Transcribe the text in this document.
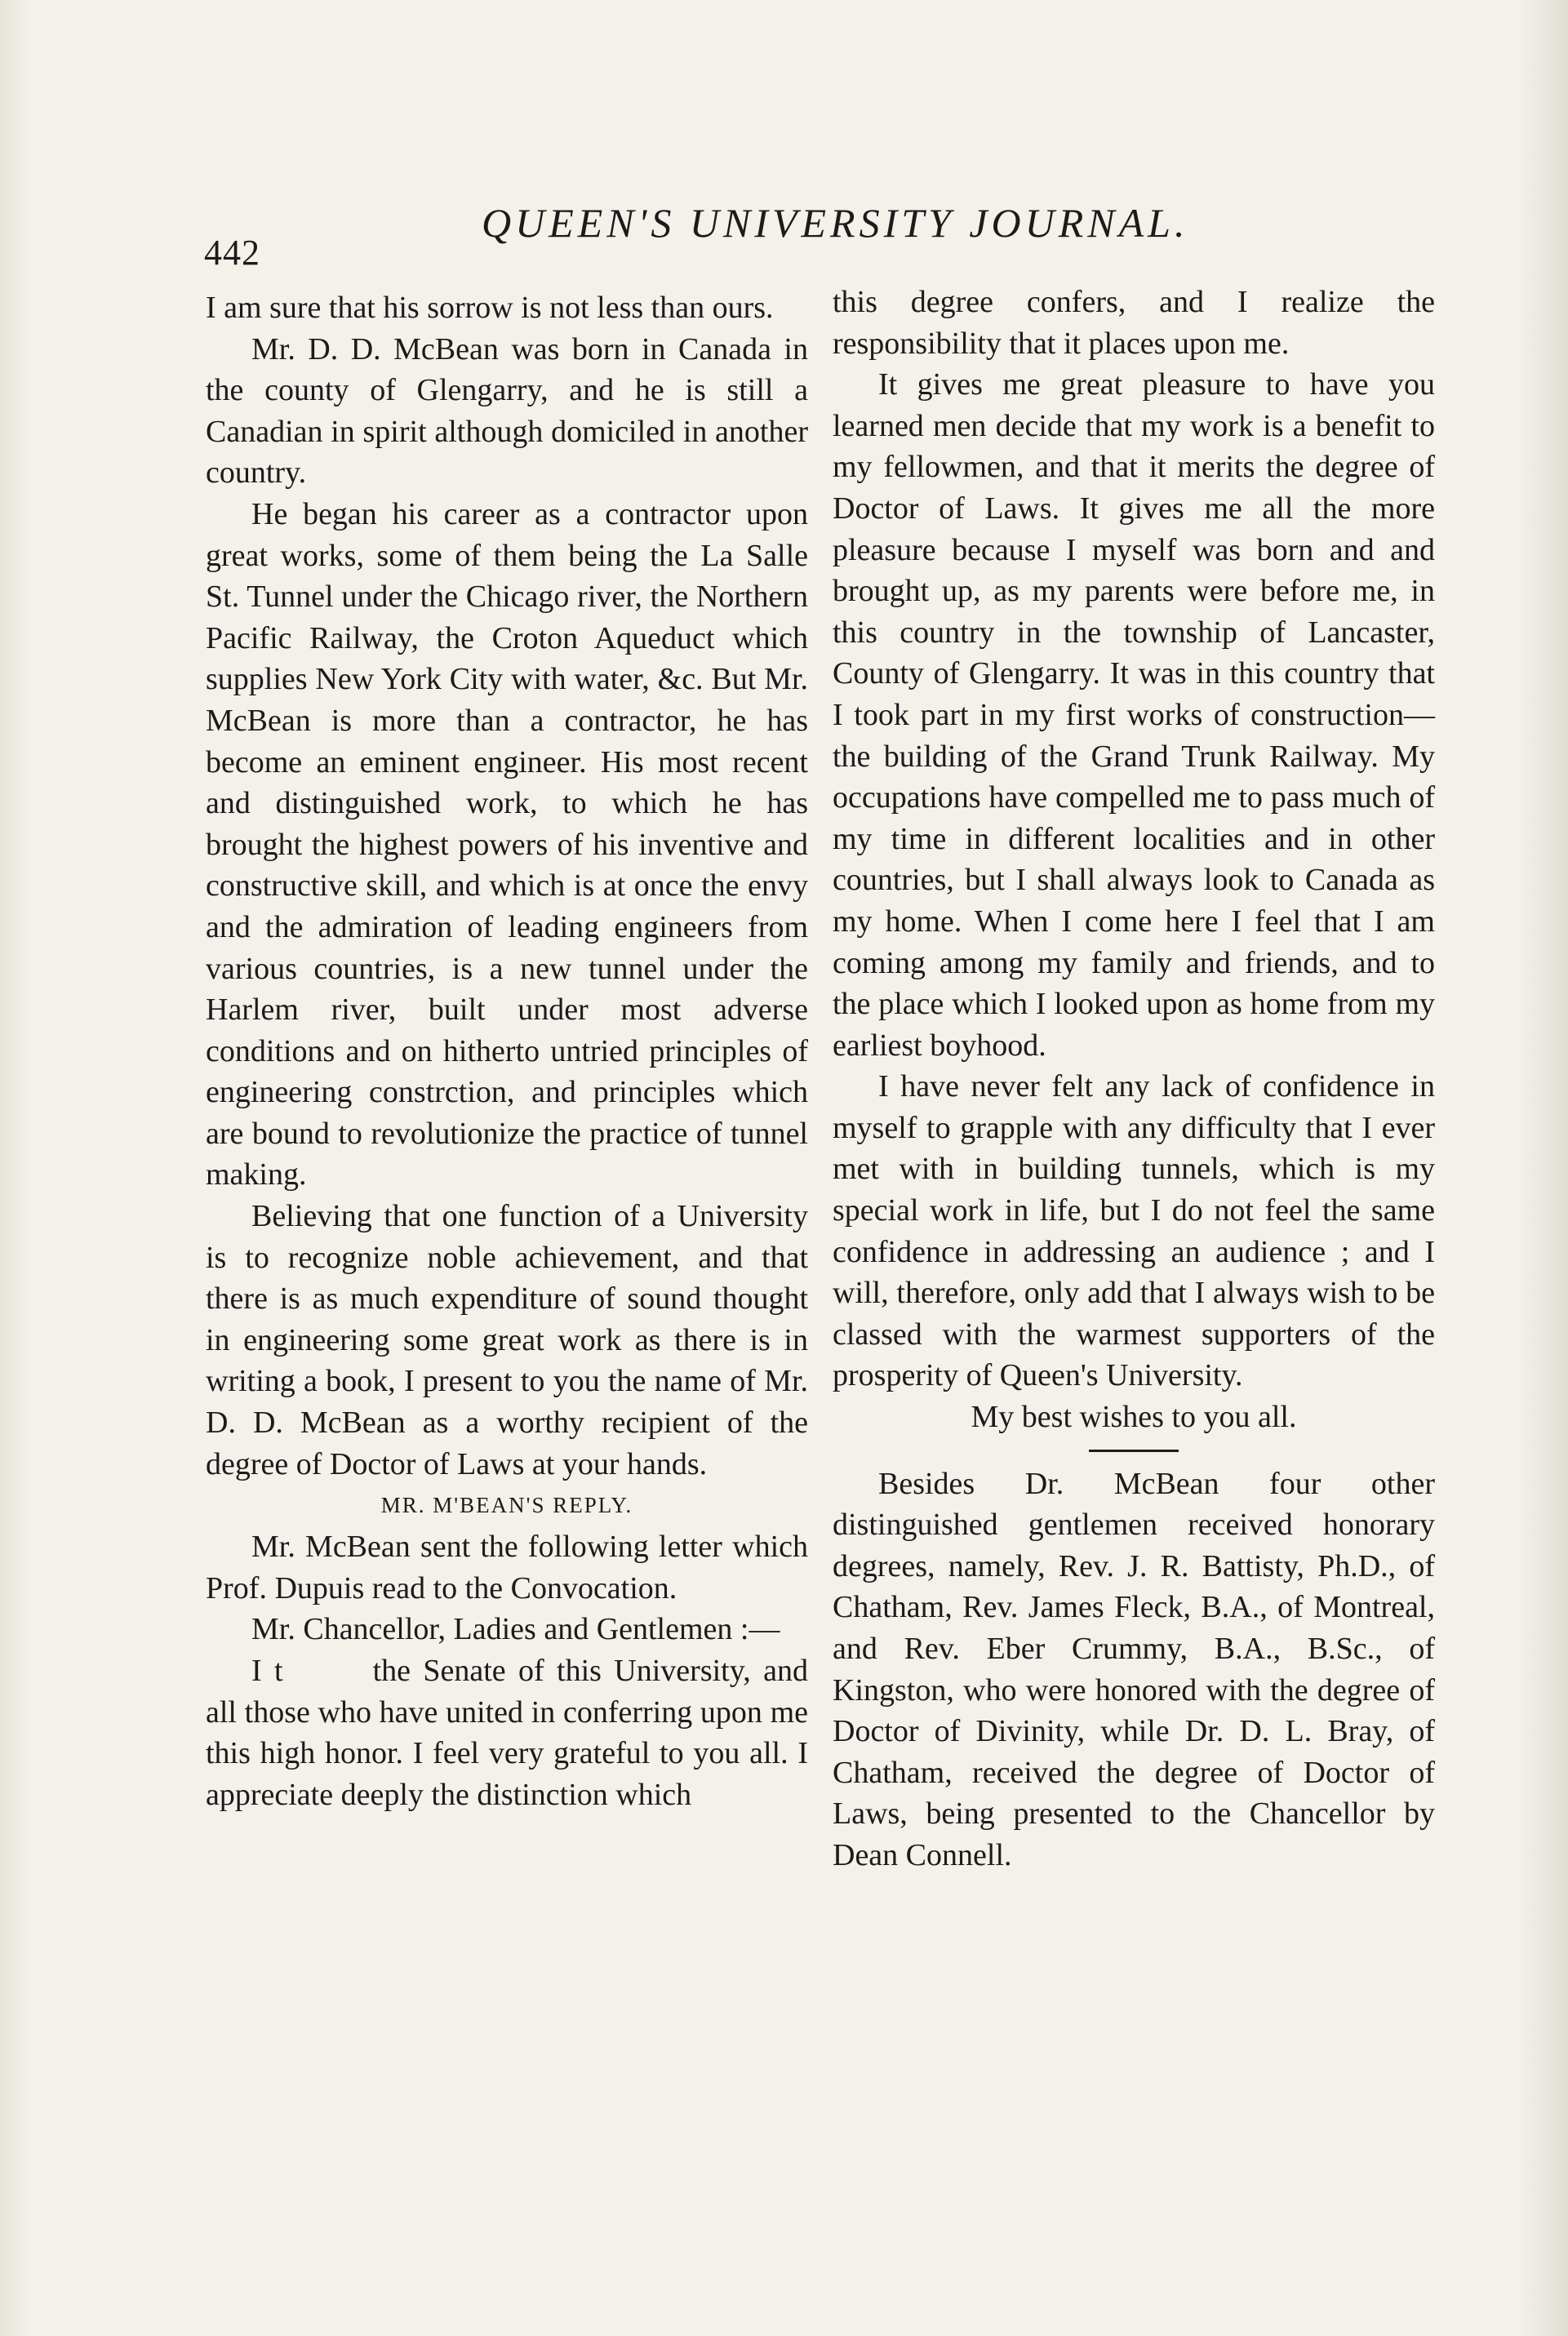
442
QUEEN'S UNIVERSITY JOURNAL.

I am sure that his sorrow is not less than ours.

Mr. D. D. McBean was born in Canada in the county of Glengarry, and he is still a Canadian in spirit although domiciled in another country.

He began his career as a contractor upon great works, some of them being the La Salle St. Tunnel under the Chicago river, the Northern Pacific Railway, the Croton Aqueduct which supplies New York City with water, &c. But Mr. McBean is more than a contractor, he has become an eminent engineer. His most recent and distinguished work, to which he has brought the highest powers of his inventive and constructive skill, and which is at once the envy and the admiration of leading engineers from various countries, is a new tunnel under the Harlem river, built under most adverse conditions and on hitherto untried principles of engineering constrction, and principles which are bound to revolutionize the practice of tunnel making.

Believing that one function of a University is to recognize noble achievement, and that there is as much expenditure of sound thought in engineering some great work as there is in writing a book, I present to you the name of Mr. D. D. McBean as a worthy recipient of the degree of Doctor of Laws at your hands.

MR. M'BEAN'S REPLY.

Mr. McBean sent the following letter which Prof. Dupuis read to the Convocation.

Mr. Chancellor, Ladies and Gentlemen :—

I t	the Senate of this University, and all those who have united in conferring upon me this high honor. I feel very grateful to you all. I appreciate deeply the distinction which

this degree confers, and I realize the responsibility that it places upon me.

It gives me great pleasure to have you learned men decide that my work is a benefit to my fellowmen, and that it merits the degree of Doctor of Laws. It gives me all the more pleasure because I myself was born and and brought up, as my parents were before me, in this country in the township of Lancaster, County of Glengarry. It was in this country that I took part in my first works of construction—the building of the Grand Trunk Railway. My occupations have compelled me to pass much of my time in different localities and in other countries, but I shall always look to Canada as my home. When I come here I feel that I am coming among my family and friends, and to the place which I looked upon as home from my earliest boyhood.

I have never felt any lack of confidence in myself to grapple with any difficulty that I ever met with in building tunnels, which is my special work in life, but I do not feel the same confidence in addressing an audience ; and I will, therefore, only add that I always wish to be classed with the warmest supporters of the prosperity of Queen's University.

My best wishes to you all.

Besides Dr. McBean four other distinguished gentlemen received honorary degrees, namely, Rev. J. R. Battisty, Ph.D., of Chatham, Rev. James Fleck, B.A., of Montreal, and Rev. Eber Crummy, B.A., B.Sc., of Kingston, who were honored with the degree of Doctor of Divinity, while Dr. D. L. Bray, of Chatham, received the degree of Doctor of Laws, being presented to the Chancellor by Dean Connell.
